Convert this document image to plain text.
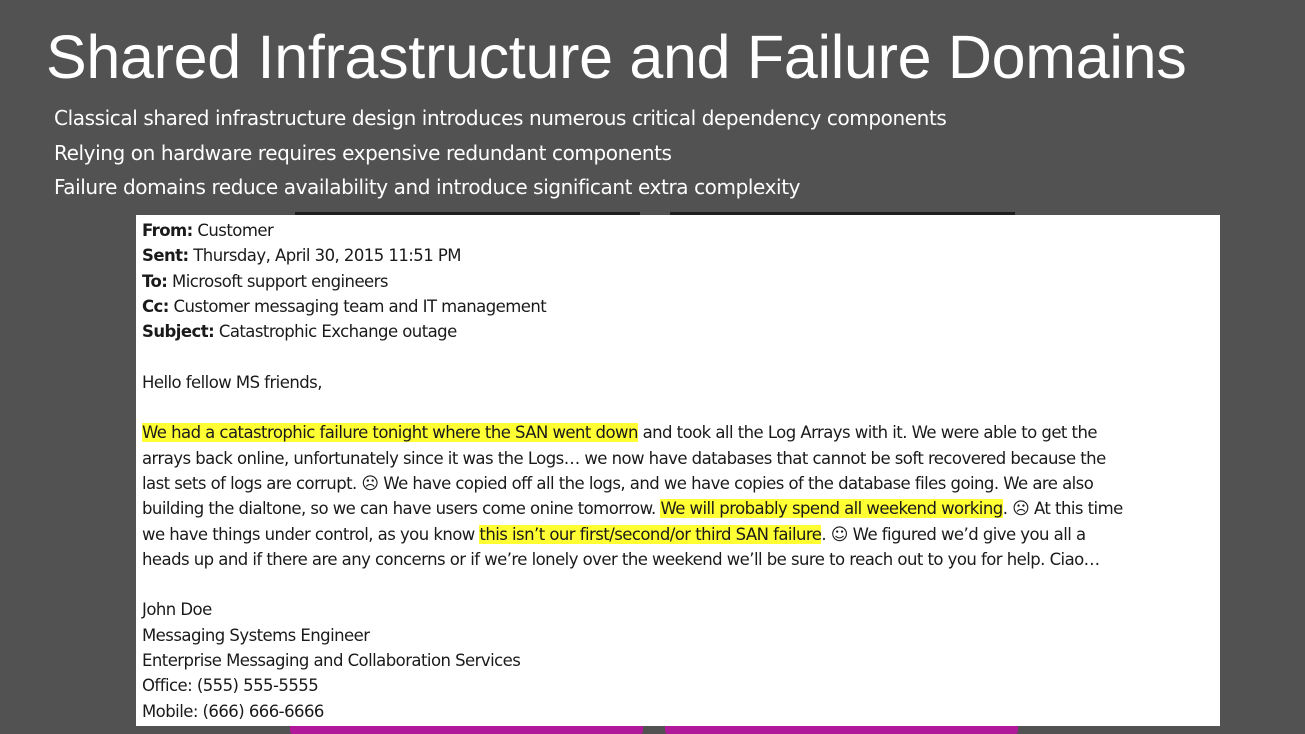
Shared Infrastructure and Failure Domains
Classical shared infrastructure design introduces numerous critical dependency components
Relying on hardware requires expensive redundant components
Failure domains reduce availability and introduce significant extra complexity

From: Customer

Sent: Thursday, April 30, 2015 11:51 PM

To: Microsoft support engineers

Cc: Customer messaging team and IT management

Subject: Catastrophic Exchange outage

Hello fellow MS friends,

We had a catastrophic failure tonight where the SAN went down and took all the Log Arrays with it. We were able to get the

arrays back online, unfortunately since it was the Logs… we now have databases that cannot be soft recovered because the

last sets of logs are corrupt. ☹ We have copied off all the logs, and we have copies of the database files going. We are also

building the dialtone, so we can have users come onine tomorrow. We will probably spend all weekend working. ☹ At this time

we have things under control, as you know this isn’t our first/second/or third SAN failure. ☺ We figured we’d give you all a

heads up and if there are any concerns or if we’re lonely over the weekend we’ll be sure to reach out to you for help. Ciao…

John Doe

Messaging Systems Engineer

Enterprise Messaging and Collaboration Services

Office: (555) 555-5555

Mobile: (666) 666-6666
